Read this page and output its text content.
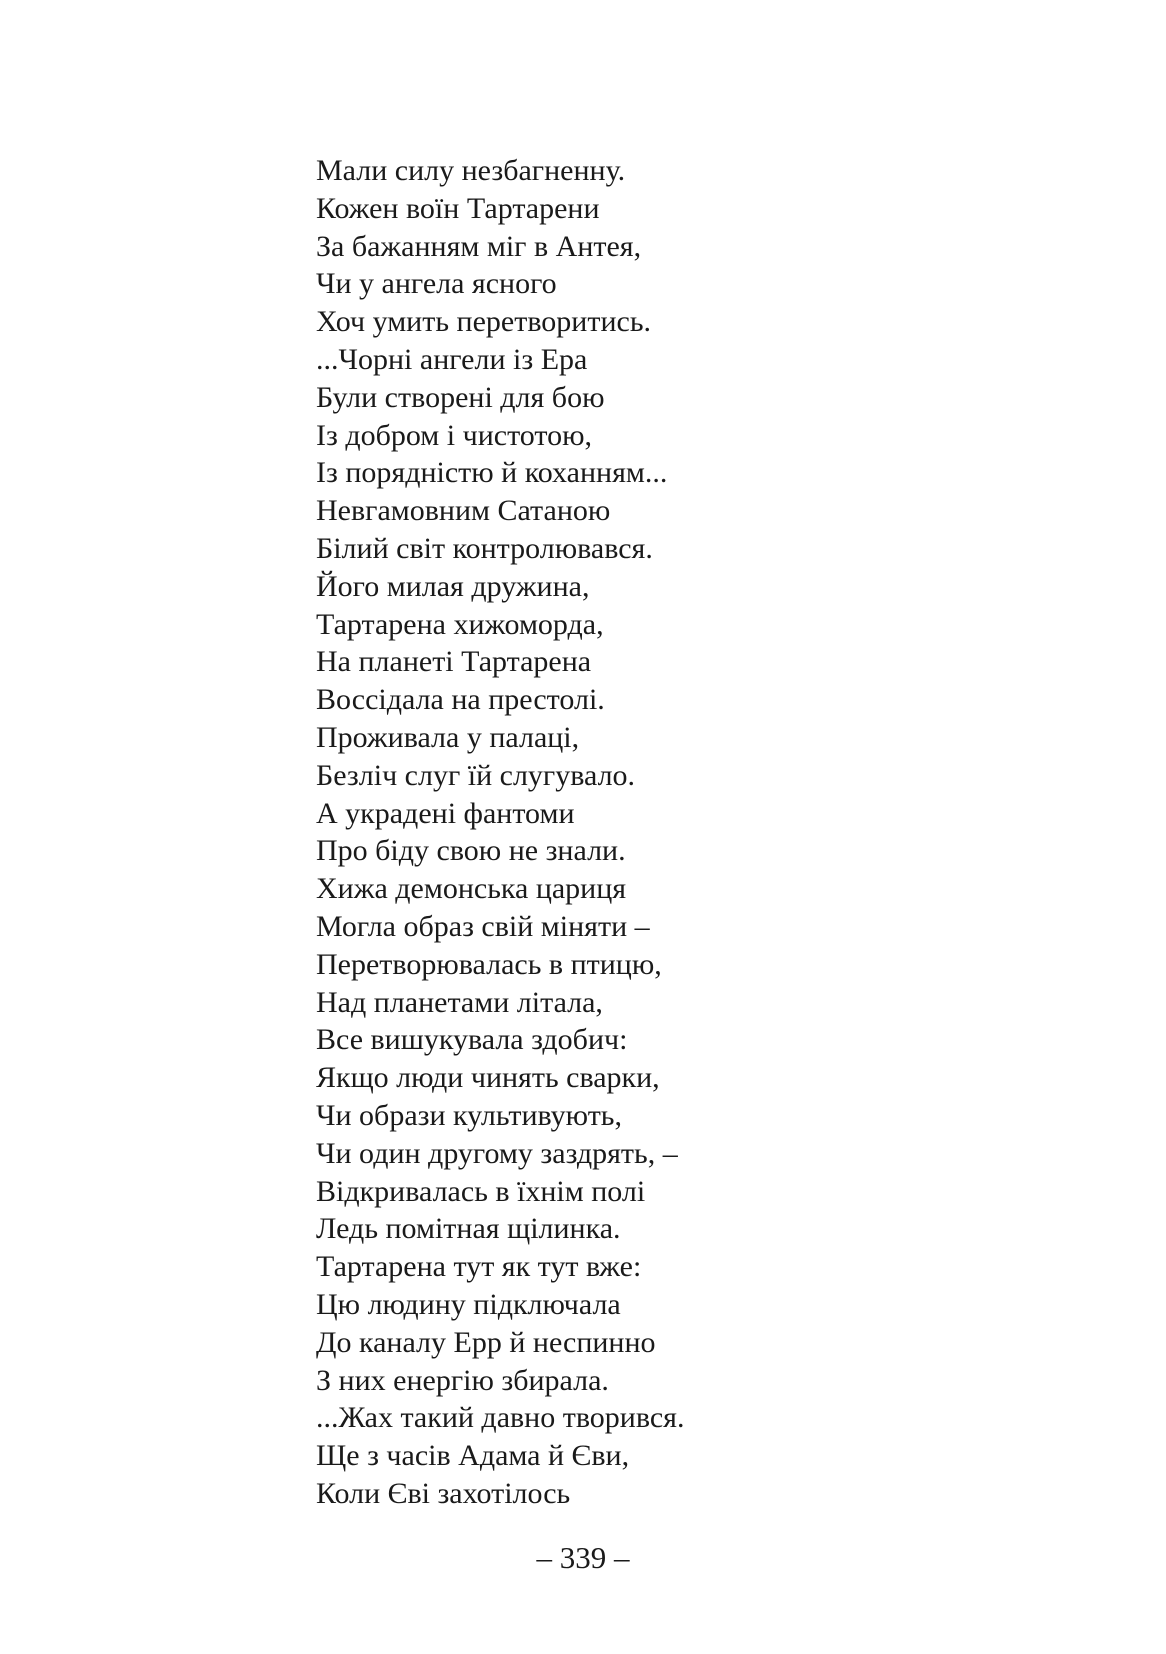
Мали силу незбагненну.
Кожен воїн Тартарени
За бажанням міг в Антея,
Чи у ангела ясного
Хоч умить перетворитись.
...Чорні ангели із Ера
Були створені для бою
Із добром і чистотою,
Із порядністю й коханням...
Невгамовним Сатаною
Білий світ контролювався.
Його милая дружина,
Тартарена хижоморда,
На планеті Тартарена
Воссідала на престолі.
Проживала у палаці,
Безліч слуг їй слугувало.
А украдені фантоми
Про біду свою не знали.
Хижа демонська цариця
Могла образ свій міняти –
Перетворювалась в птицю,
Над планетами літала,
Все вишукувала здобич:
Якщо люди чинять сварки,
Чи образи культивують,
Чи один другому заздрять, –
Відкривалась в їхнім полі
Ледь помітная щілинка.
Тартарена тут як тут вже:
Цю людину підключала
До каналу Ерр й неспинно
З них енергію збирала.
...Жах такий давно творився.
Ще з часів Адама й Єви,
Коли Єві захотілось
– 339 –
